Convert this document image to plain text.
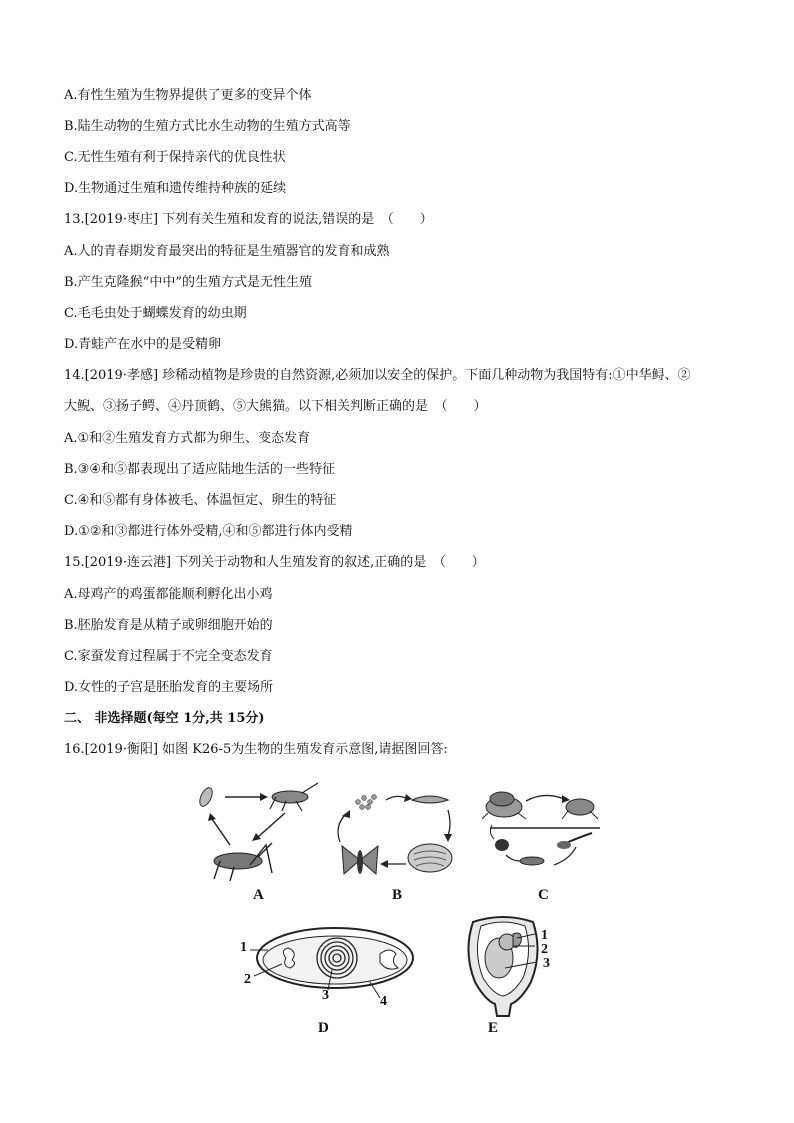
A.有性生殖为生物界提供了更多的变异个体
B.陆生动物的生殖方式比水生动物的生殖方式高等
C.无性生殖有利于保持亲代的优良性状
D.生物通过生殖和遗传维持种族的延续
13.[2019·枣庄] 下列有关生殖和发育的说法,错误的是　（　　）
A.人的青春期发育最突出的特征是生殖器官的发育和成熟
B.产生克隆猴“中中”的生殖方式是无性生殖
C.毛毛虫处于蝴蝶发育的幼虫期
D.青蛙产在水中的是受精卵
14.[2019·孝感] 珍稀动植物是珍贵的自然资源,必须加以安全的保护。下面几种动物为我国特有:①中华鲟、②
大鲵、③扬子鳄、④丹顶鹤、⑤大熊猫。以下相关判断正确的是　（　　）
A.①和②生殖发育方式都为卵生、变态发育
B.③④和⑤都表现出了适应陆地生活的一些特征
C.④和⑤都有身体被毛、体温恒定、卵生的特征
D.①②和③都进行体外受精,④和⑤都进行体内受精
15.[2019·连云港] 下列关于动物和人生殖发育的叙述,正确的是　（　　）
A.母鸡产的鸡蛋都能顺利孵化出小鸡
B.胚胎发育是从精子或卵细胞开始的
C.家蚕发育过程属于不完全变态发育
D.女性的子宫是胚胎发育的主要场所
二、 非选择题(每空 1分,共 15分)
16.[2019·衡阳] 如图 K26-5为生物的生殖发育示意图,请据图回答:
A	B	C
1
2
3	4
D
1
2
3
E
